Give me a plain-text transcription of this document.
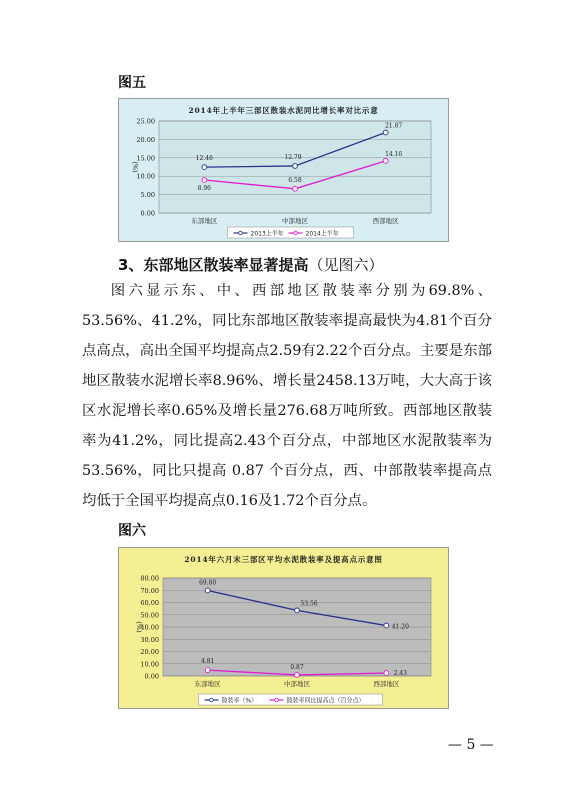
图五
2014年上半年三部区散装水泥同比增长率对比示意
0.00
5.00
10.00
15.00
20.00
25.00
(%)
东部地区	中部地区	西部地区
12.46	12.79
21.87
8.96
6.58
14.16
2013上半年	2014上半年
3、东部地区散装率显著提高（见图六）

图六显示东、中、西部地区散装率分别为69.8%、53.56%、41.2%，同比东部地区散装率提高最快为4.81个百分点高点，高出全国平均提高点2.59有2.22个百分点。主要是东部地区散装水泥增长率8.96%、增长量2458.13万吨，大大高于该区水泥增长率0.65%及增长量276.68万吨所致。西部地区散装率为41.2%，同比提高2.43个百分点，中部地区水泥散装率为53.56%，同比只提高 0.87 个百分点，西、中部散装率提高点均低于全国平均提高点0.16及1.72个百分点。

图六
2014年六月末三部区平均水泥散装率及提高点示意图
0.00
10.00
20.00
30.00
40.00
50.00
60.00
70.00
80.00
(%)
东部地区	中部地区	西部地区
69.80
53.56
41.20
4.81
0.87
2.43
散装率（%）	散装率同比提高点（百分点）
— 5 —
